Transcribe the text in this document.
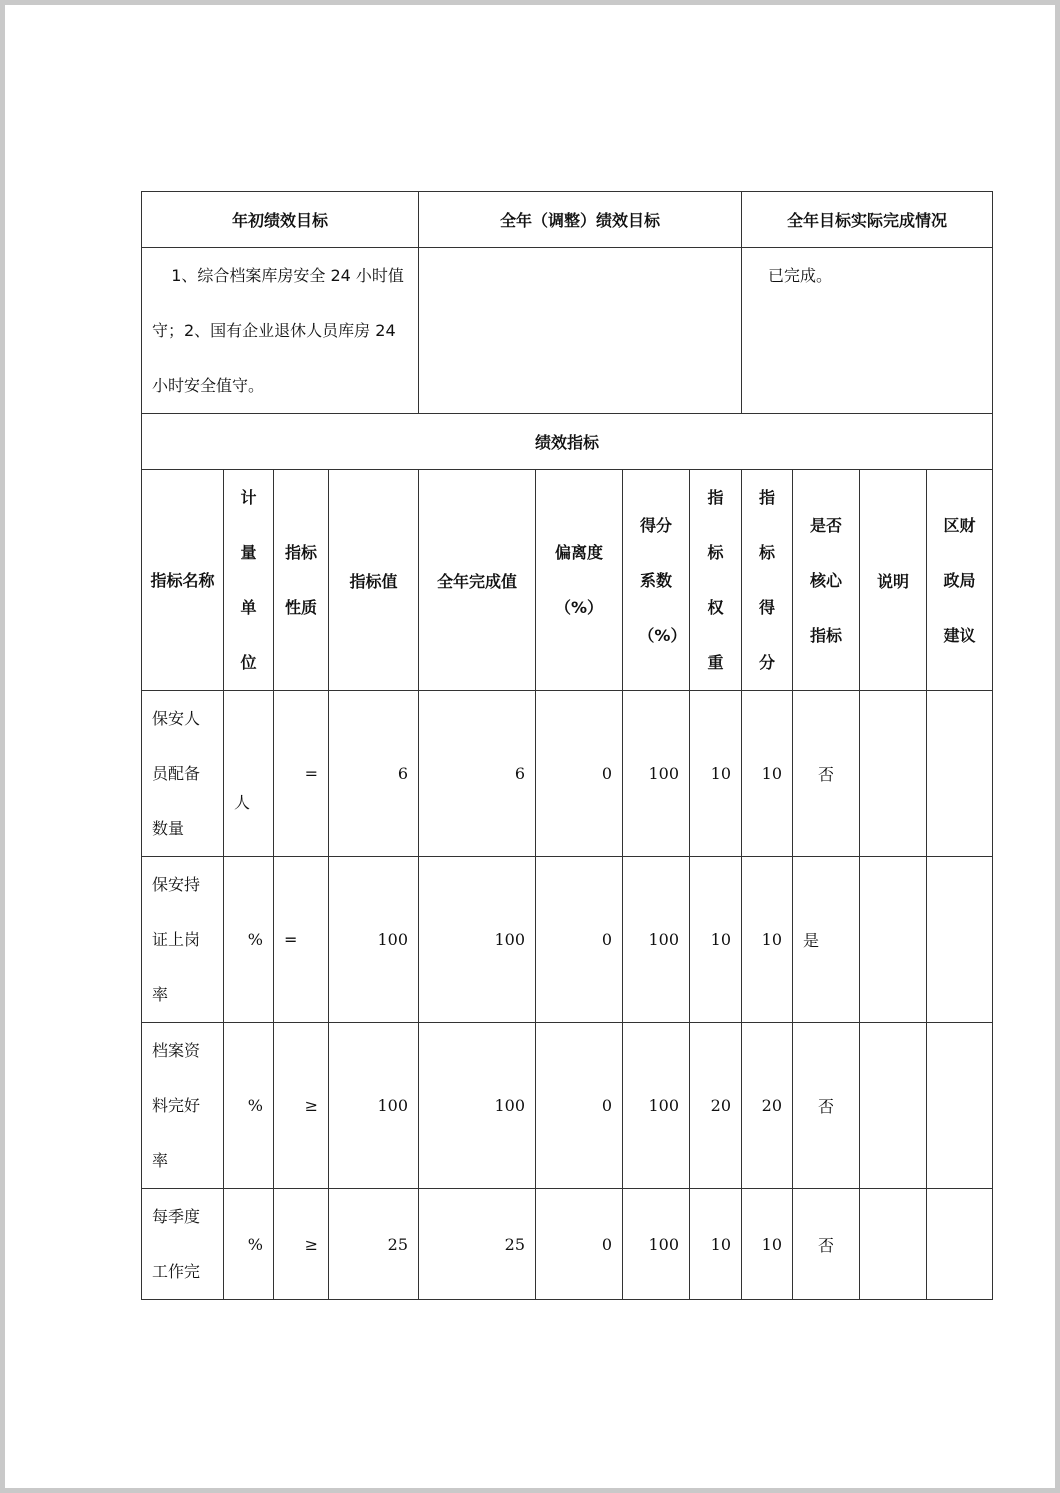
年初绩效目标				全年（调整）绩效目标				全年目标实际完成情况			

1、综合档案库房安全 24 小时值守；2、国有企业退休人员库房 24 小时安全值守。								已完成。			

绩效指标											
指标名称	计量单位	指标性质	指标值	全年完成值	偏离度（%）	得分系数（%）	指标权重	指标得分	是否核心指标	说明	区财政局建议
保安人员配备数量	人	=	6	6	0	100	10	10	否		
保安持证上岗率	%	=	100	100	0	100	10	10	是		
档案资料完好率	%	≥	100	100	0	100	20	20	否		
每季度工作完	%	≥	25	25	0	100	10	10	否		
